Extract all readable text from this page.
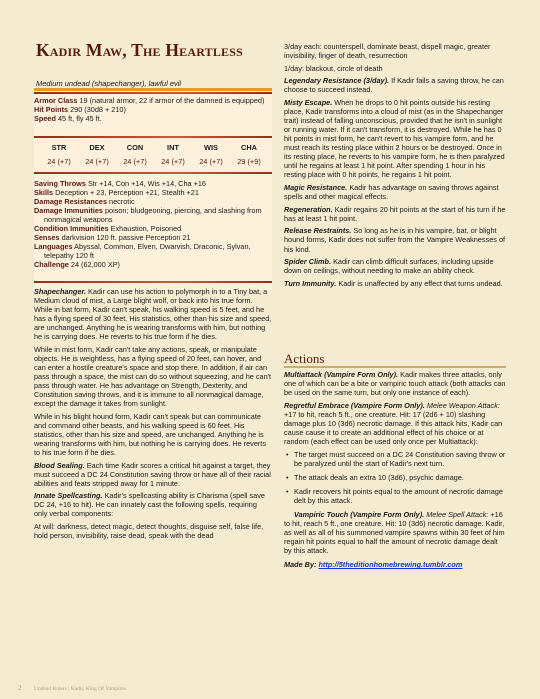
Kadir Maw, The Heartless
Medium undead (shapechanger), lawful evil
Armor Class 19 (natural armor, 22 if armor of the damned is equipped)
Hit Points 290 (30d8 + 210)
Speed 45 ft, fly 45 ft.
STR	DEX	CON	INT	WIS	CHA
24 (+7)	24 (+7)	24 (+7)	24 (+7)	24 (+7)	29 (+9)
Saving Throws Str +14, Con +14, Wis +14, Cha +16
Skills Deception + 23, Perception +21, Stealth +21
Damage Resistances necrotic
Damage Immunities poison; bludgeoning, piercing, and slashing from nonmagical weapons
Condition Immunities Exhaustion, Poisoned
Senses darkvision 120 ft. passive Perception 21
Languages Abyssal, Common, Elven, Dwarvish, Draconic, Sylvan, telepathy 120 ft
Challenge 24 (62,000 XP)

Shapechanger. Kadir can use his action to polymorph in to a Tiny bat, a Medium cloud of mist, a Large blight wolf, or back into his true form. While in bat form, Kadir can't speak, his walking speed is 5 feet, and he has a flying speed of 30 feet. His statistics, other than his size and speed, are unchanged. Anything he is wearing transforms with him, but nothing he is carrying does. He reverts to his true form if he dies.

While in mist form, Kadir can't take any actions, speak, or manipulate objects. He is weightless, has a flying speed of 20 feet, can hover, and can enter a hostile creature's space and stop there. In addition, if air can pass through a space, the mist can do so without squeezing, and he can't pass through water. He has advantage on Strength, Dexterity, and Constitution saving throws, and it is immune to all nonmagical damage, except the damage it takes from sunlight.

While in his blight hound form, Kadir can't speak but can communicate and command other beasts, and his walking speed is 60 feet. His statistics, other than his size and speed, are unchanged. Anything he is wearing transforms with him, but nothing he is carrying does. He reverts to his true form if he dies.

Blood Sealing. Each time Kadir scores a critical hit against a target, they must succeed a DC 24 Constitution saving throw or have all of their racial abilities and feats stripped away for 1 minute.

Innate Spellcasting. Kadir's spellcasting ability is Charisma (spell save DC 24, +16 to hit). He can innately cast the following spells, requiring only verbal components:

At will: darkness, detect magic, detect thoughts, disguise self, false life, hold person, invisibility, raise dead, speak with the dead

3/day each: counterspell, dominate beast, dispell magic, greater invisibility, finger of death, resurrection

1/day: blackout, circle of death

Legendary Resistance (3/day). If Kadir fails a saving throw, he can choose to succeed instead.

Misty Escape. When he drops to 0 hit points outside his resting place, Kadir transforms into a cloud of mist (as in the Shapechanger trait) instead of falling unconscious, provided that he isn't in sunlight or running water. If it can't transform, it is destroyed. While he has 0 hit points in mist form, he can't revert to his vampire form, and he must reach its resting place within 2 hours or be destroyed. Once in its resting place, he reverts to his vampire form, he is then paralyzed until he regains at least 1 hit point. After spending 1 hour in his resting place with 0 hit points, he regains 1 hit point.

Magic Resistance. Kadir has advantage on saving throws against spells and other magical effects.

Regeneration. Kadir regains 20 hit points at the start of his turn if he has at least 1 hit point.

Release Restraints. So long as he is in his vampire, bat, or blight hound forms, Kadir does not suffer from the Vampire Weaknesses of his kind.

Spider Climb. Kadir can climb difficult surfaces, including upside down on ceilings, without needing to make an ability check.

Turn Immunity. Kadir is unaffected by any effect that turns undead.

Actions

Multiattack (Vampire Form Only). Kadir makes three attacks, only one of which can be a bite or vampiric touch attack (both attacks can be used on the same turn, but only one instance of each).

Regretful Embrace (Vampire Form Only). Melee Weapon Attack: +17 to hit, reach 5 ft., one creature. Hit: 17 (2d6 + 10) slashing damage plus 10 (3d6) necrotic damage. If this attack hits, Kadir can cause cause it to create an additional effect of his choice or at random (each effect can be used only once per Multiattack):

• The target must succeed on a DC 24 Constitution saving throw or be paralyzed until the start of Kadir's next turn.
• The attack deals an extra 10 (3d6), psychic damage.
• Kadir recovers hit points equal to the amount of necrotic damage delt by this attack.

Vampiric Touch (Vampire Form Only). Melee Spell Attack: +16 to hit, reach 5 ft., one creature. Hit: 10 (3d6) necrotic damage. Kadir, as well as all of his summoned vampire spawns within 30 feet of him regain hit points equal to half the amount of necrotic damage dealt by this attack.

Made By: http://5theditionhomebrewing.tumblr.com

2 Undead Rulers | Kadir, King Of Vampires
